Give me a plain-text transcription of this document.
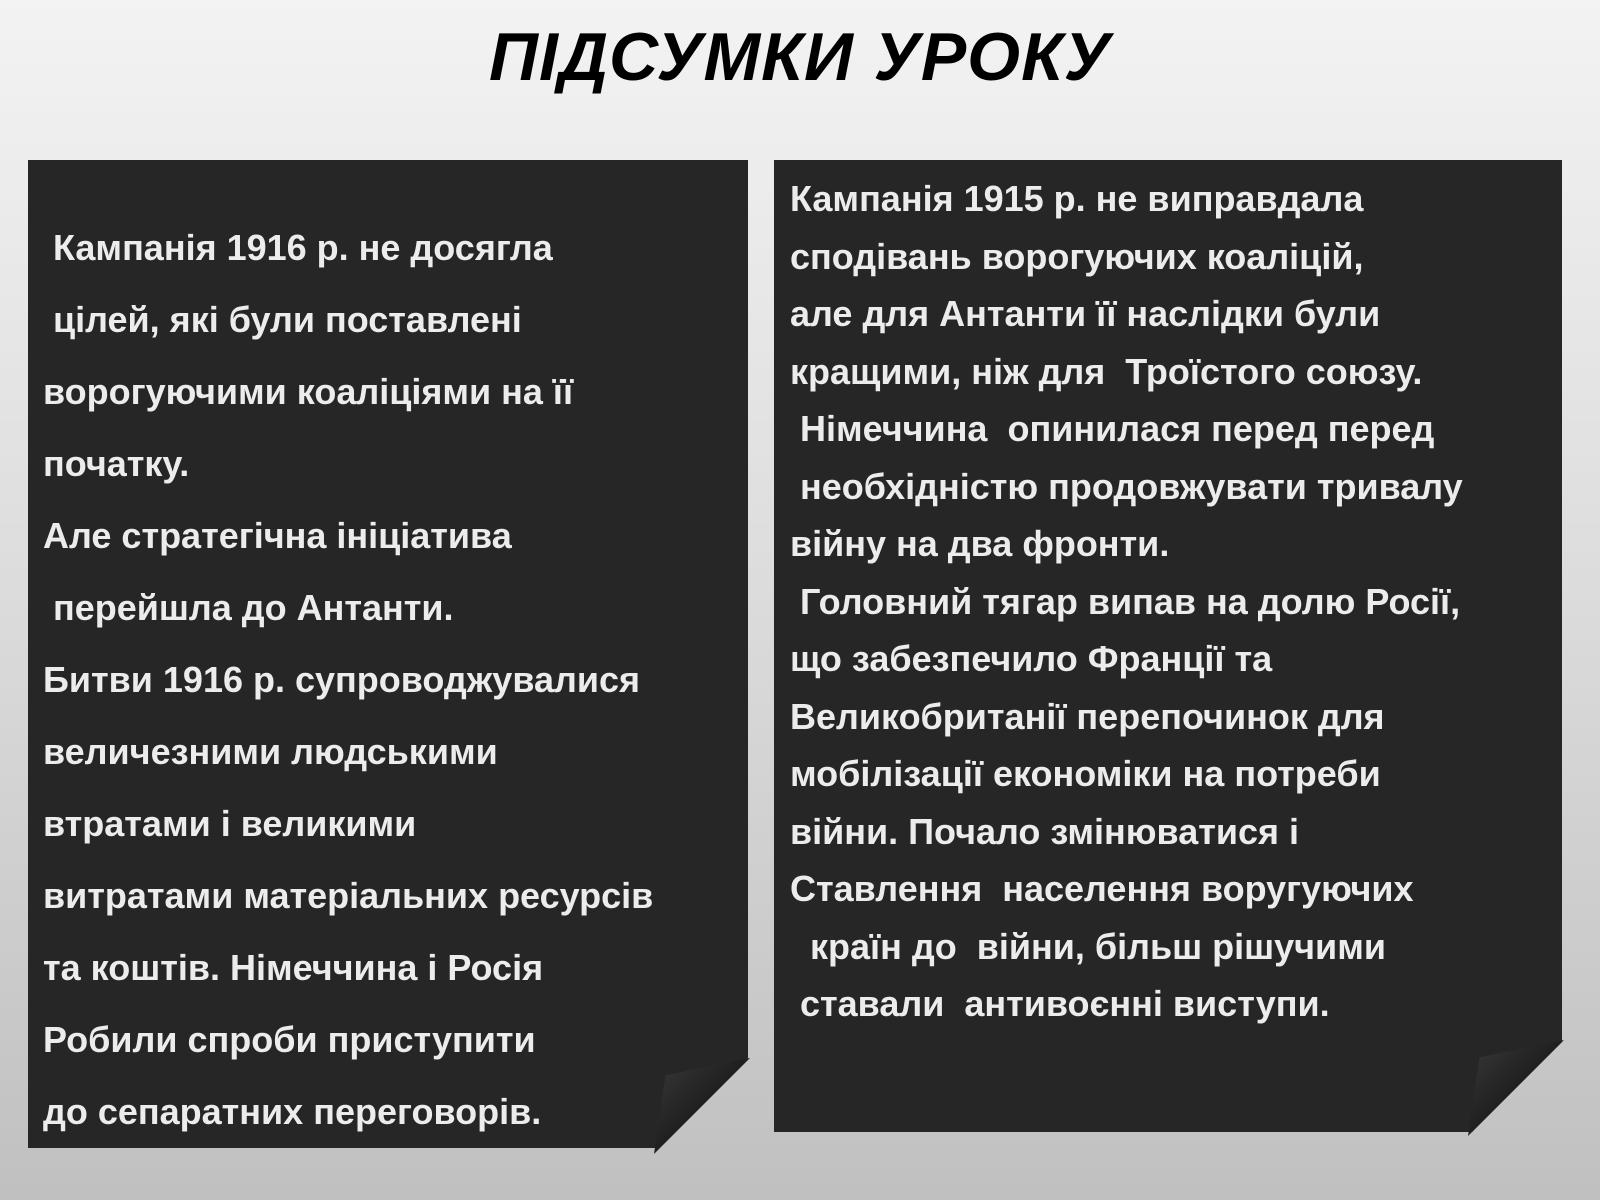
ПІДСУМКИ УРОКУ
Кампанія 1916 р. не досягла
цілей, які були поставлені
ворогуючими коаліціями на її
початку.
Але стратегічна ініціатива
перейшла до Антанти.
Битви 1916 р. супроводжувалися
величезними людськими
втратами і великими
витратами матеріальних ресурсів
та коштів. Німеччина і Росія
Робили спроби приступити
до сепаратних переговорів.
Кампанія 1915 р. не виправдала
сподівань ворогуючих коаліцій,
але для Антанти її наслідки були
кращими, ніж для  Троїстого союзу.
Німеччина  опинилася перед перед
необхідністю продовжувати тривалу
війну на два фронти.
Головний тягар випав на долю Росії,
що забезпечило Франції та
Великобританії перепочинок для
мобілізації економіки на потреби
війни. Почало змінюватися і
Ставлення  населення воругуючих
країн до  війни, більш рішучими
ставали  антивоєнні виступи.
